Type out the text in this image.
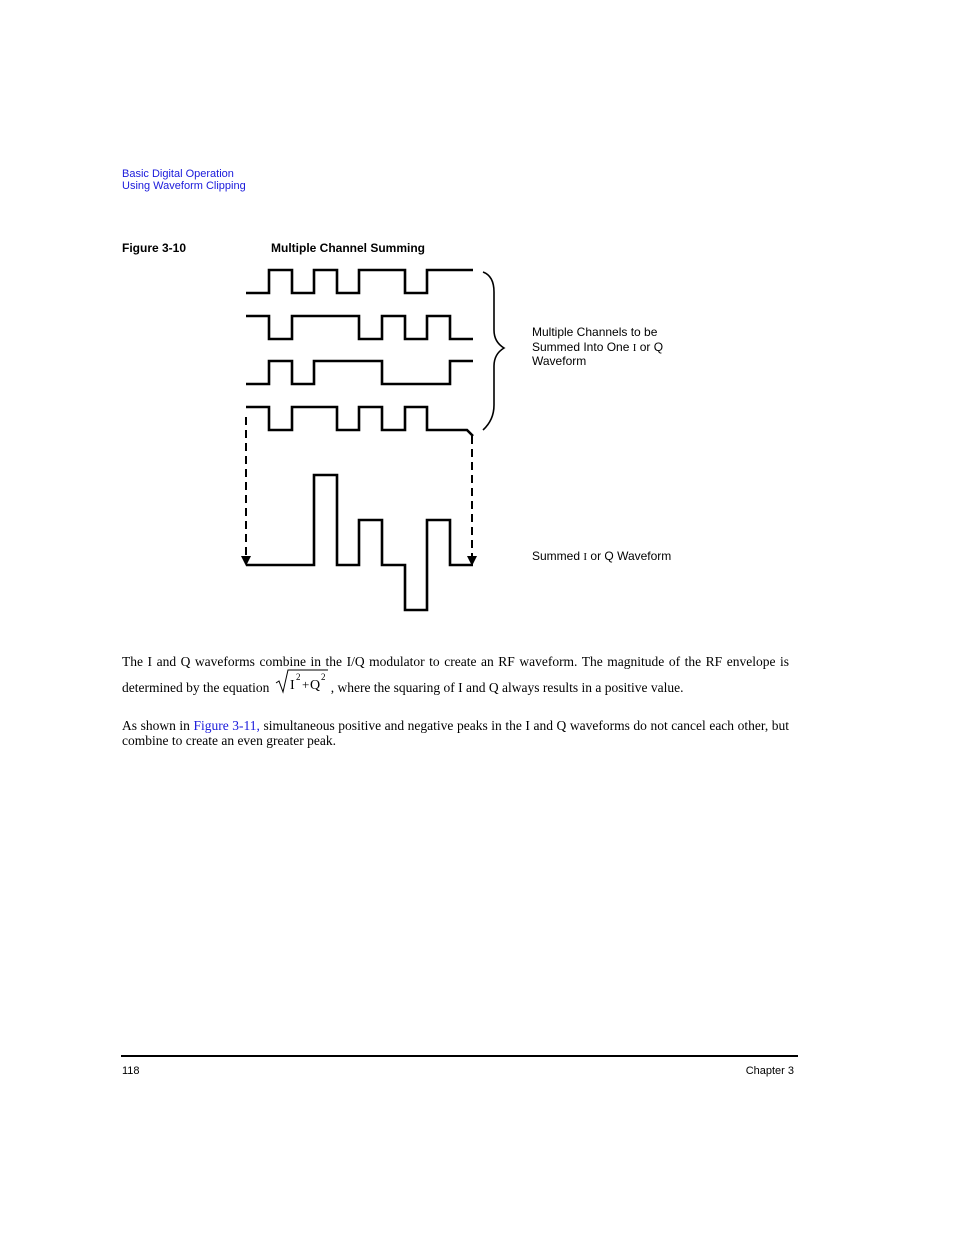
Basic Digital Operation
Using Waveform Clipping
Figure 3-10	Multiple Channel Summing
Multiple Channels to be
Summed Into One I or Q
Waveform
Summed I or Q Waveform
The I and Q waveforms combine in the I/Q modulator to create an RF waveform. The magnitude of the RF envelope is determined by the equation I
2 + Q
2
, where the squaring of I and Q always results in a positive value.
As shown in Figure 3-11, simultaneous positive and negative peaks in the I and Q waveforms do not cancel each other, but combine to create an even greater peak.
118	Chapter 3
